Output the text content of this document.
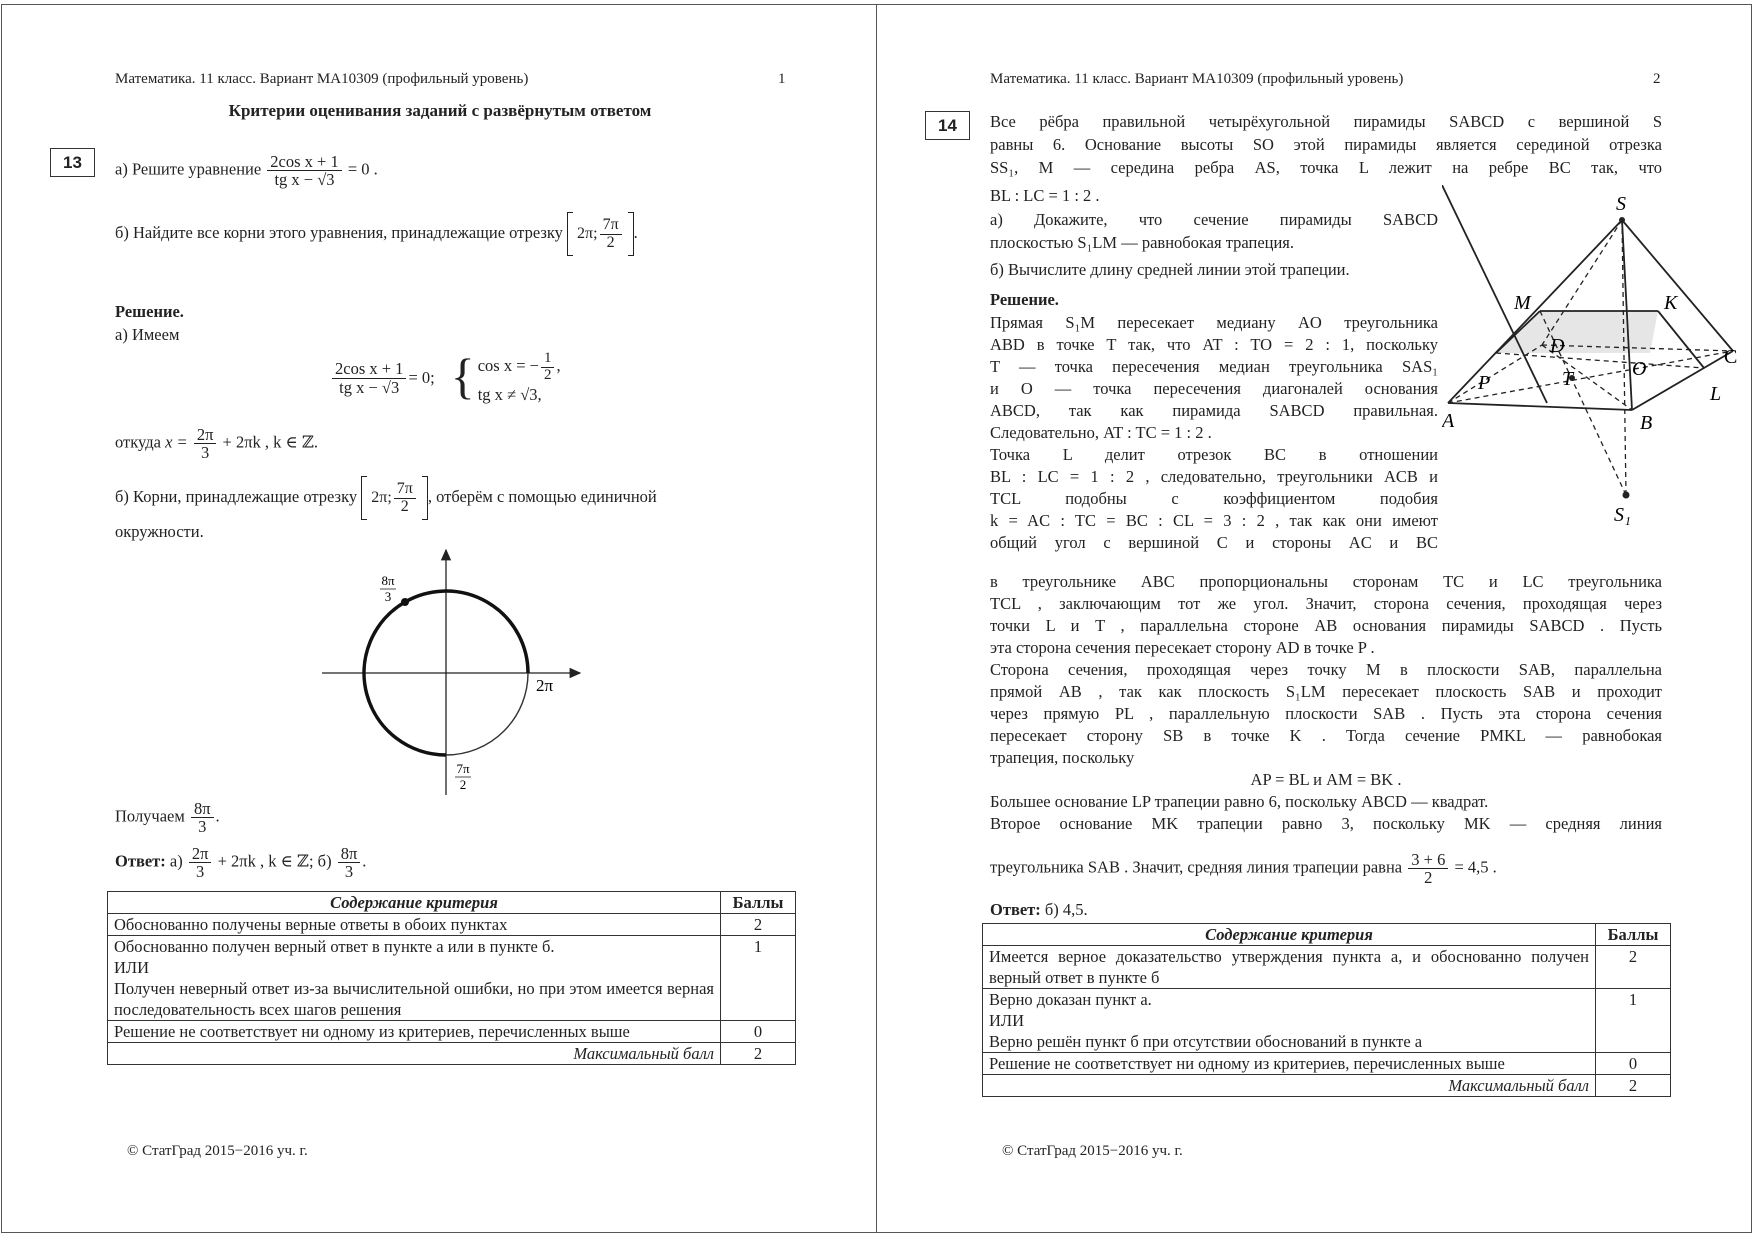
Математика. 11 класс. Вариант МА10309 (профильный уровень)	1
Критерии оценивания заданий с развёрнутым ответом
13	а) Решите уравнение $\frac{\text{2cos x + 1}}{\text{tg x − √3}} = 0$ .
б) Найдите все корни этого уравнения, принадлежащие отрезку 2π; $\frac{7\pi}{2}$ .
Решение.
а) Имеем
$\frac{\text{2cos x + 1}}{\text{tg x − √3}} = 0$; { cos x = − $\frac{1}{2}$ ,
tg x ≠ √3,
откуда $x = \frac{2\pi}{3} + 2\pi k$ , k ∈ ℤ.
б) Корни, принадлежащие отрезку 2π; $\frac{7\pi}{2}$ , отберём с помощью единичной
окружности.
8π
3
2π
7π
2
Получаем $\frac{8\pi}{3}$ .
Ответ: $а) \frac{2\pi}{3} + 2\pi k$ , k ∈ ℤ; $б) \frac{8\pi}{3}$ .
Содержание критерия	Баллы
Обоснованно получены верные ответы в обоих пунктах	2

Обоснованно получен верный ответ в пункте а или в пункте б.
ИЛИ
Получен неверный ответ из-за вычислительной ошибки, но при этом имеется верная последовательность всех шагов решения	1
Решение не соответствует ни одному из критериев, перечисленных выше	0
Максимальный балл	2
© СтатГрад 2015−2016 уч. г.
Математика. 11 класс. Вариант МА10309 (профильный уровень)	2
14	Все рёбра правильной четырёхугольной пирамиды SABCD с вершиной S
равны 6. Основание высоты SO этой пирамиды является серединой отрезка
SS₁, M — середина ребра AS, точка L лежит на ребре BC так, что
BL : LC = 1 : 2 .
а) Докажите, что сечение пирамиды SABCD
плоскостью S₁LM — равнобокая трапеция.
б) Вычислите длину средней линии этой трапеции.
Решение.
Прямая S₁M пересекает медиану AO треугольника
ABD в точке T так, что AT : TO = 2 : 1, поскольку
T — точка пересечения медиан треугольника SAS₁
и O — точка пересечения диагоналей основания
ABCD, так как пирамида SABCD правильная.
Следовательно, AT : TC = 1 : 2 .
Точка L делит отрезок BC в отношении
BL : LC = 1 : 2 , следовательно, треугольники ACB и
TCL подобны с коэффициентом подобия
k = AC : TC = BC : CL = 3 : 2 , так как они имеют
общий угол с вершиной C и стороны AC и BC
S
M	K
C
D
P	T	O
L
A	B
S₁
в треугольнике ABC пропорциональны сторонам TC и LC треугольника
TCL , заключающим тот же угол. Значит, сторона сечения, проходящая через
точки L и T , параллельна стороне AB основания пирамиды SABCD . Пусть
эта сторона сечения пересекает сторону AD в точке P .
Сторона сечения, проходящая через точку M в плоскости SAB, параллельна
прямой AB , так как плоскость S₁LM пересекает плоскость SAB и проходит
через прямую PL , параллельную плоскости SAB . Пусть эта сторона сечения
пересекает сторону SB в точке K . Тогда сечение PMKL — равнобокая
трапеция, поскольку
AP = BL и AM = BK .
Большее основание LP трапеции равно 6, поскольку ABCD — квадрат.
Второе основание MK трапеции равно 3, поскольку MK — средняя линия
треугольника SAB . Значит, средняя линия трапеции равна $\frac{3 + 6}{2} = 4,5$ .
Ответ: б) 4,5.
Содержание критерия	Баллы
Имеется верное доказательство утверждения пункта а, и обоснованно получен верный ответ в пункте б	2

Верно доказан пункт а.
ИЛИ
Верно решён пункт б при отсутствии обоснований в пункте а	1
Решение не соответствует ни одному из критериев, перечисленных выше	0
Максимальный балл	2
© СтатГрад 2015−2016 уч. г.
